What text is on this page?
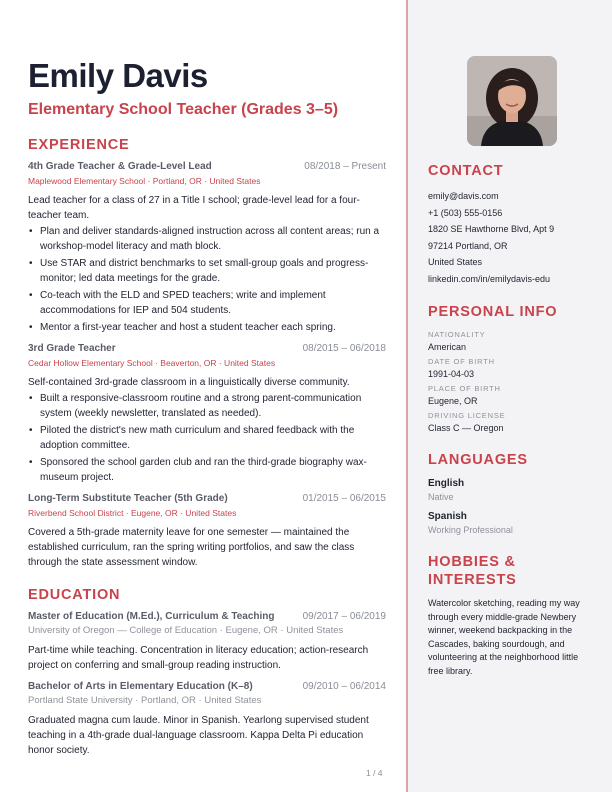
Emily Davis
Elementary School Teacher (Grades 3–5)
EXPERIENCE
4th Grade Teacher & Grade-Level Lead	08/2018 – Present
Maplewood Elementary School · Portland, OR · United States
Lead teacher for a class of 27 in a Title I school; grade-level lead for a four-teacher team.
• Plan and deliver standards-aligned instruction across all content areas; run a workshop-model literacy and math block.
• Use STAR and district benchmarks to set small-group goals and progress-monitor; led data meetings for the grade.
• Co-teach with the ELD and SPED teachers; write and implement accommodations for IEP and 504 students.
• Mentor a first-year teacher and host a student teacher each spring.
3rd Grade Teacher	08/2015 – 06/2018
Cedar Hollow Elementary School · Beaverton, OR · United States
Self-contained 3rd-grade classroom in a linguistically diverse community.
• Built a responsive-classroom routine and a strong parent-communication system (weekly newsletter, translated as needed).
• Piloted the district's new math curriculum and shared feedback with the adoption committee.
• Sponsored the school garden club and ran the third-grade biography wax-museum project.
Long-Term Substitute Teacher (5th Grade)	01/2015 – 06/2015
Riverbend School District · Eugene, OR · United States
Covered a 5th-grade maternity leave for one semester — maintained the established curriculum, ran the spring writing portfolios, and saw the class through the state assessment window.
EDUCATION
Master of Education (M.Ed.), Curriculum & Teaching	09/2017 – 06/2019
University of Oregon — College of Education · Eugene, OR · United States
Part-time while teaching. Concentration in literacy education; action-research project on conferring and small-group reading instruction.
Bachelor of Arts in Elementary Education (K–8)	09/2010 – 06/2014
Portland State University · Portland, OR · United States
Graduated magna cum laude. Minor in Spanish. Yearlong supervised student teaching in a 4th-grade dual-language classroom. Kappa Delta Pi education honor society.
1 / 4
CONTACT
emily@davis.com
+1 (503) 555-0156
1820 SE Hawthorne Blvd, Apt 9
97214 Portland, OR
United States
linkedin.com/in/emilydavis-edu
PERSONAL INFO
NATIONALITY
American
DATE OF BIRTH
1991-04-03
PLACE OF BIRTH
Eugene, OR
DRIVING LICENSE
Class C — Oregon
LANGUAGES
English
Native
Spanish
Working Professional
HOBBIES &
INTERESTS
Watercolor sketching, reading my way through every middle-grade Newbery winner, weekend backpacking in the Cascades, baking sourdough, and volunteering at the neighborhood little free library.
